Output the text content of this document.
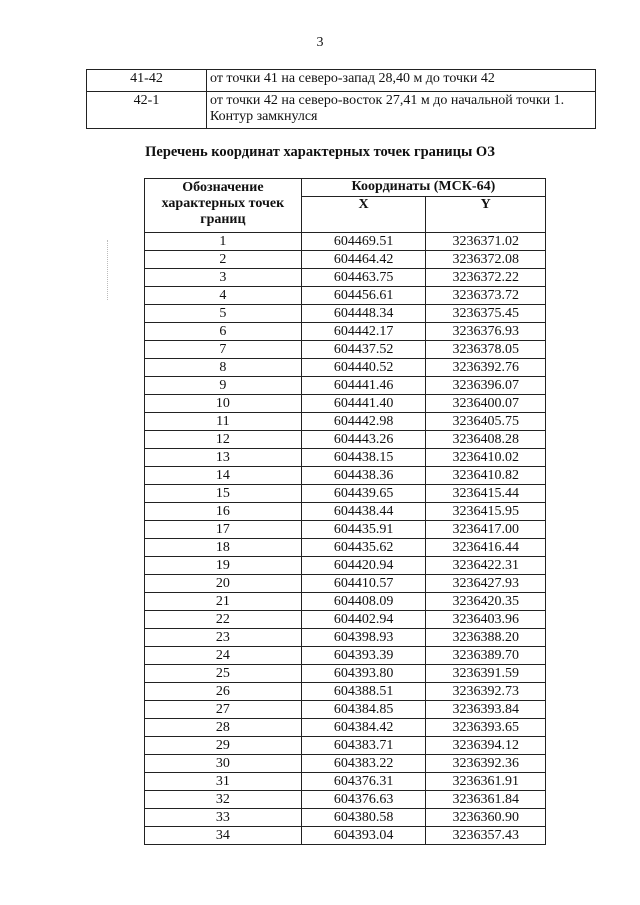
3
41-42	от точки 41 на северо-запад 28,40 м до точки 42
42-1	от точки 42 на северо-восток 27,41 м до начальной точки 1. Контур замкнулся
Перечень координат характерных точек границы ОЗ
Обозначение характерных точек границ	Координаты (МСК-64)	
	X	Y
1	604469.51	3236371.02
2	604464.42	3236372.08
3	604463.75	3236372.22
4	604456.61	3236373.72
5	604448.34	3236375.45
6	604442.17	3236376.93
7	604437.52	3236378.05
8	604440.52	3236392.76
9	604441.46	3236396.07
10	604441.40	3236400.07
11	604442.98	3236405.75
12	604443.26	3236408.28
13	604438.15	3236410.02
14	604438.36	3236410.82
15	604439.65	3236415.44
16	604438.44	3236415.95
17	604435.91	3236417.00
18	604435.62	3236416.44
19	604420.94	3236422.31
20	604410.57	3236427.93
21	604408.09	3236420.35
22	604402.94	3236403.96
23	604398.93	3236388.20
24	604393.39	3236389.70
25	604393.80	3236391.59
26	604388.51	3236392.73
27	604384.85	3236393.84
28	604384.42	3236393.65
29	604383.71	3236394.12
30	604383.22	3236392.36
31	604376.31	3236361.91
32	604376.63	3236361.84
33	604380.58	3236360.90
34	604393.04	3236357.43
